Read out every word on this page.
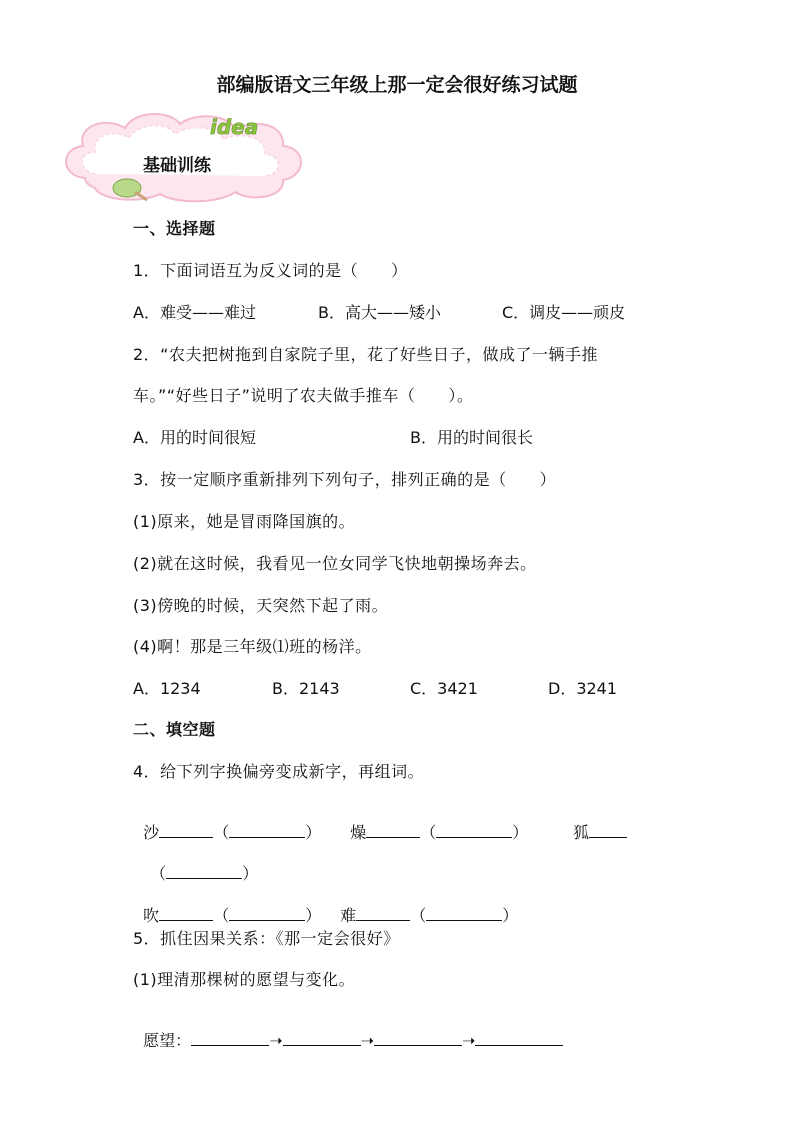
部编版语文三年级上那一定会很好练习试题
idea
基础训练
一、选择题
1．下面词语互为反义词的是（　　）
A．难受——难过	B．高大——矮小	C．调皮——顽皮
2．“农夫把树拖到自家院子里，花了好些日子，做成了一辆手推
车。”“好些日子”说明了农夫做手推车（　　）。
A．用的时间很短	B．用的时间很长
3．按一定顺序重新排列下列句子，排列正确的是（　　）
(1)原来，她是冒雨降国旗的。
(2)就在这时候，我看见一位女同学飞快地朝操场奔去。
(3)傍晚的时候，天突然下起了雨。
(4)啊！那是三年级⑴班的杨洋。
A．1234	B．2143	C．3421	D．3241
二、填空题
4．给下列字换偏旁变成新字，再组词。

沙	（	）	燥	（	）	狐

（	）

吹	（	）	难	（	）

5．抓住因果关系：《那一定会很好》
(1)理清那棵树的愿望与变化。

愿望：	➝	➝	➝
